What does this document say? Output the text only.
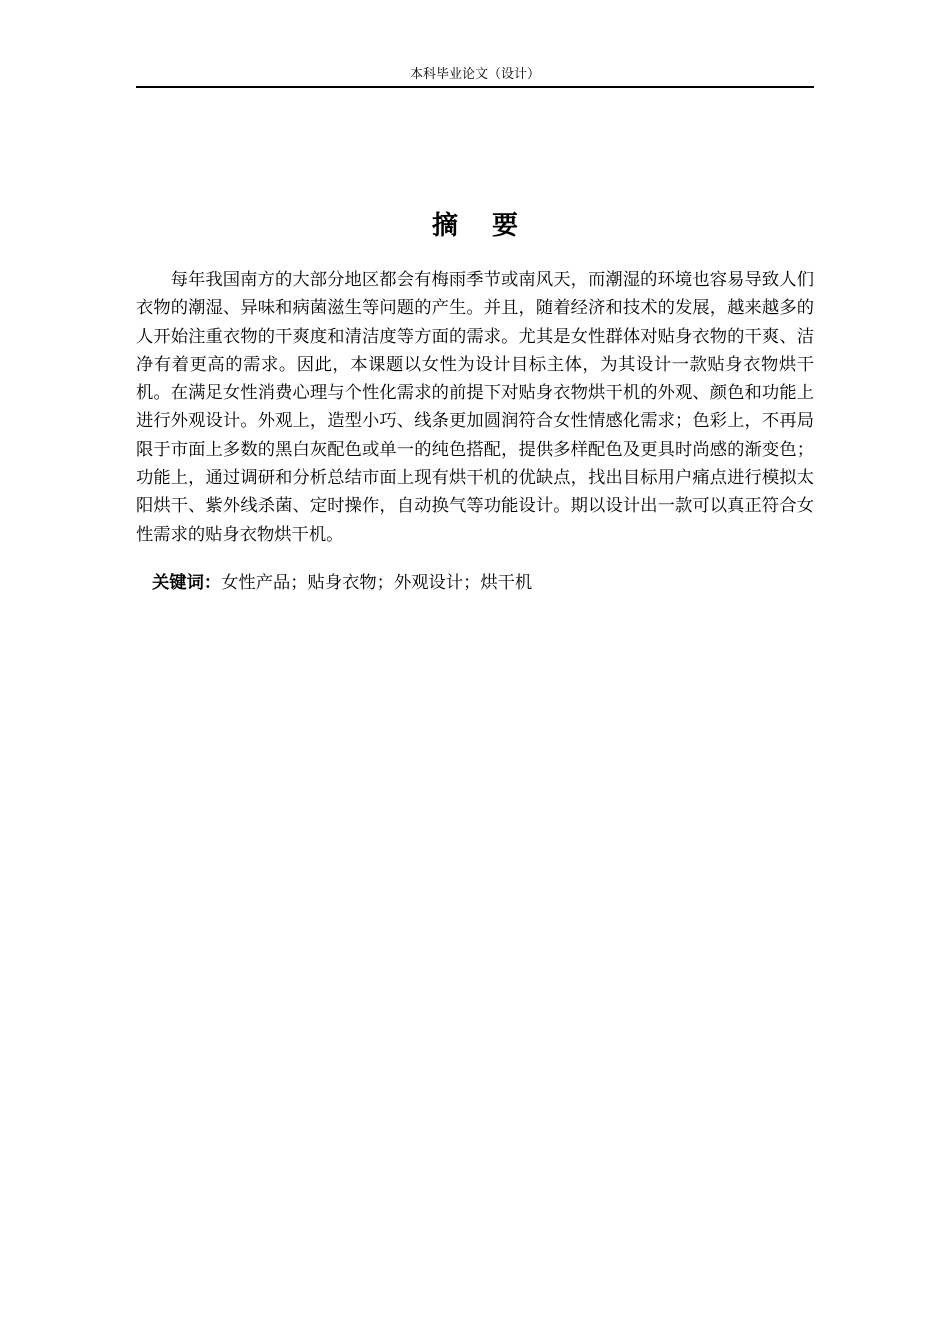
本科毕业论文（设计）
摘 要

每年我国南方的大部分地区都会有梅雨季节或南风天，而潮湿的环境也容易导致人们衣物的潮湿、异味和病菌滋生等问题的产生。并且，随着经济和技术的发展，越来越多的人开始注重衣物的干爽度和清洁度等方面的需求。尤其是女性群体对贴身衣物的干爽、洁净有着更高的需求。因此，本课题以女性为设计目标主体，为其设计一款贴身衣物烘干机。在满足女性消费心理与个性化需求的前提下对贴身衣物烘干机的外观、颜色和功能上进行外观设计。外观上，造型小巧、线条更加圆润符合女性情感化需求；色彩上，不再局限于市面上多数的黑白灰配色或单一的纯色搭配，提供多样配色及更具时尚感的渐变色；功能上，通过调研和分析总结市面上现有烘干机的优缺点，找出目标用户痛点进行模拟太阳烘干、紫外线杀菌、定时操作，自动换气等功能设计。期以设计出一款可以真正符合女性需求的贴身衣物烘干机。

关键词：女性产品；贴身衣物；外观设计；烘干机
